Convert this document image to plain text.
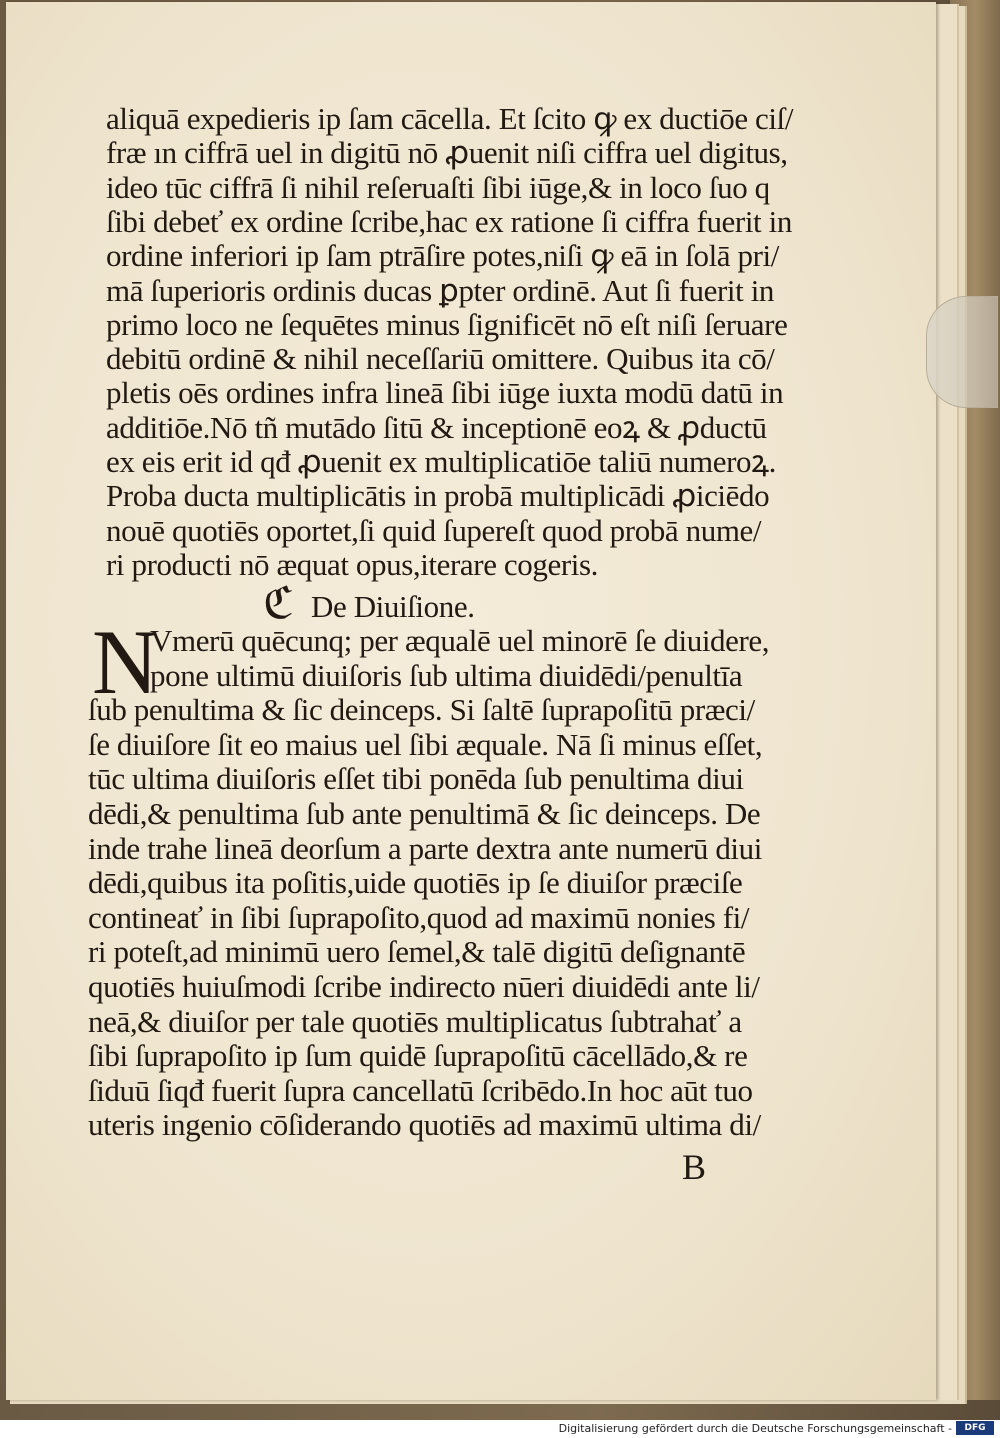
aliquā expedieris ip ſam cācella. Et ſcito ꝙ ex ductiōe ciſ/
fræ ın ciffrā uel in digitū nō ꝓuenit niſi ciffra uel digitus,
ideo tūc ciffrā ſi nihil reſeruaſti ſibi iūge,& in loco ſuo q
ſibi debeť ex ordine ſcribe,hac ex ratione ſi ciffra fuerit in
ordine inferiori ip ſam ptrāſire potes,niſi ꝙ eā in ſolā pri/
mā ſuperioris ordinis ducas ꝑpter ordinē. Aut ſi fuerit in
primo loco ne ſequētes minus ſignificēt nō eſt niſi ſeruare
debitū ordinē & nihil neceſſariū omittere. Quibus ita cō/
pletis oēs ordines infra lineā ſibi iūge iuxta modū datū in
additiōe.Nō tñ mutādo ſitū & inceptionē eoꝝ & ꝓductū
ex eis erit id qđ ꝓuenit ex multiplicatiōe taliū numeroꝝ.
Proba ducta multiplicātis in probā multiplicādi ꝓiciēdo
nouē quotiēs oportet,ſi quid ſupereſt quod probā nume/
ri producti nō æquat opus,iterare cogeris.
ℭ De Diuiſione.
N
Vmerū quēcunq; per æqualē uel minorē ſe diuidere,
pone ultimū diuiſoris ſub ultima diuidēdi/penultīa
ſub penultima & ſic deinceps. Si ſaltē ſuprapoſitū præci/
ſe diuiſore ſit eo maius uel ſibi æquale. Nā ſi minus eſſet,
tūc ultima diuiſoris eſſet tibi ponēda ſub penultima diui
dēdi,& penultima ſub ante penultimā & ſic deinceps. De
inde trahe lineā deorſum a parte dextra ante numerū diui
dēdi,quibus ita poſitis,uide quotiēs ip ſe diuiſor præciſe
contineať in ſibi ſuprapoſito,quod ad maximū nonies fi/
ri poteſt,ad minimū uero ſemel,& talē digitū deſignantē
quotiēs huiuſmodi ſcribe indirecto nūeri diuidēdi ante li/
neā,& diuiſor per tale quotiēs multiplicatus ſubtrahať a
ſibi ſuprapoſito ip ſum quidē ſuprapoſitū cācellādo,& re
ſiduū ſiqđ fuerit ſupra cancellatū ſcribēdo.In hoc aūt tuo
uteris ingenio cōſiderando quotiēs ad maximū ultima di/
B
Digitalisierung gefördert durch die Deutsche Forschungsgemeinschaft -	DFG
